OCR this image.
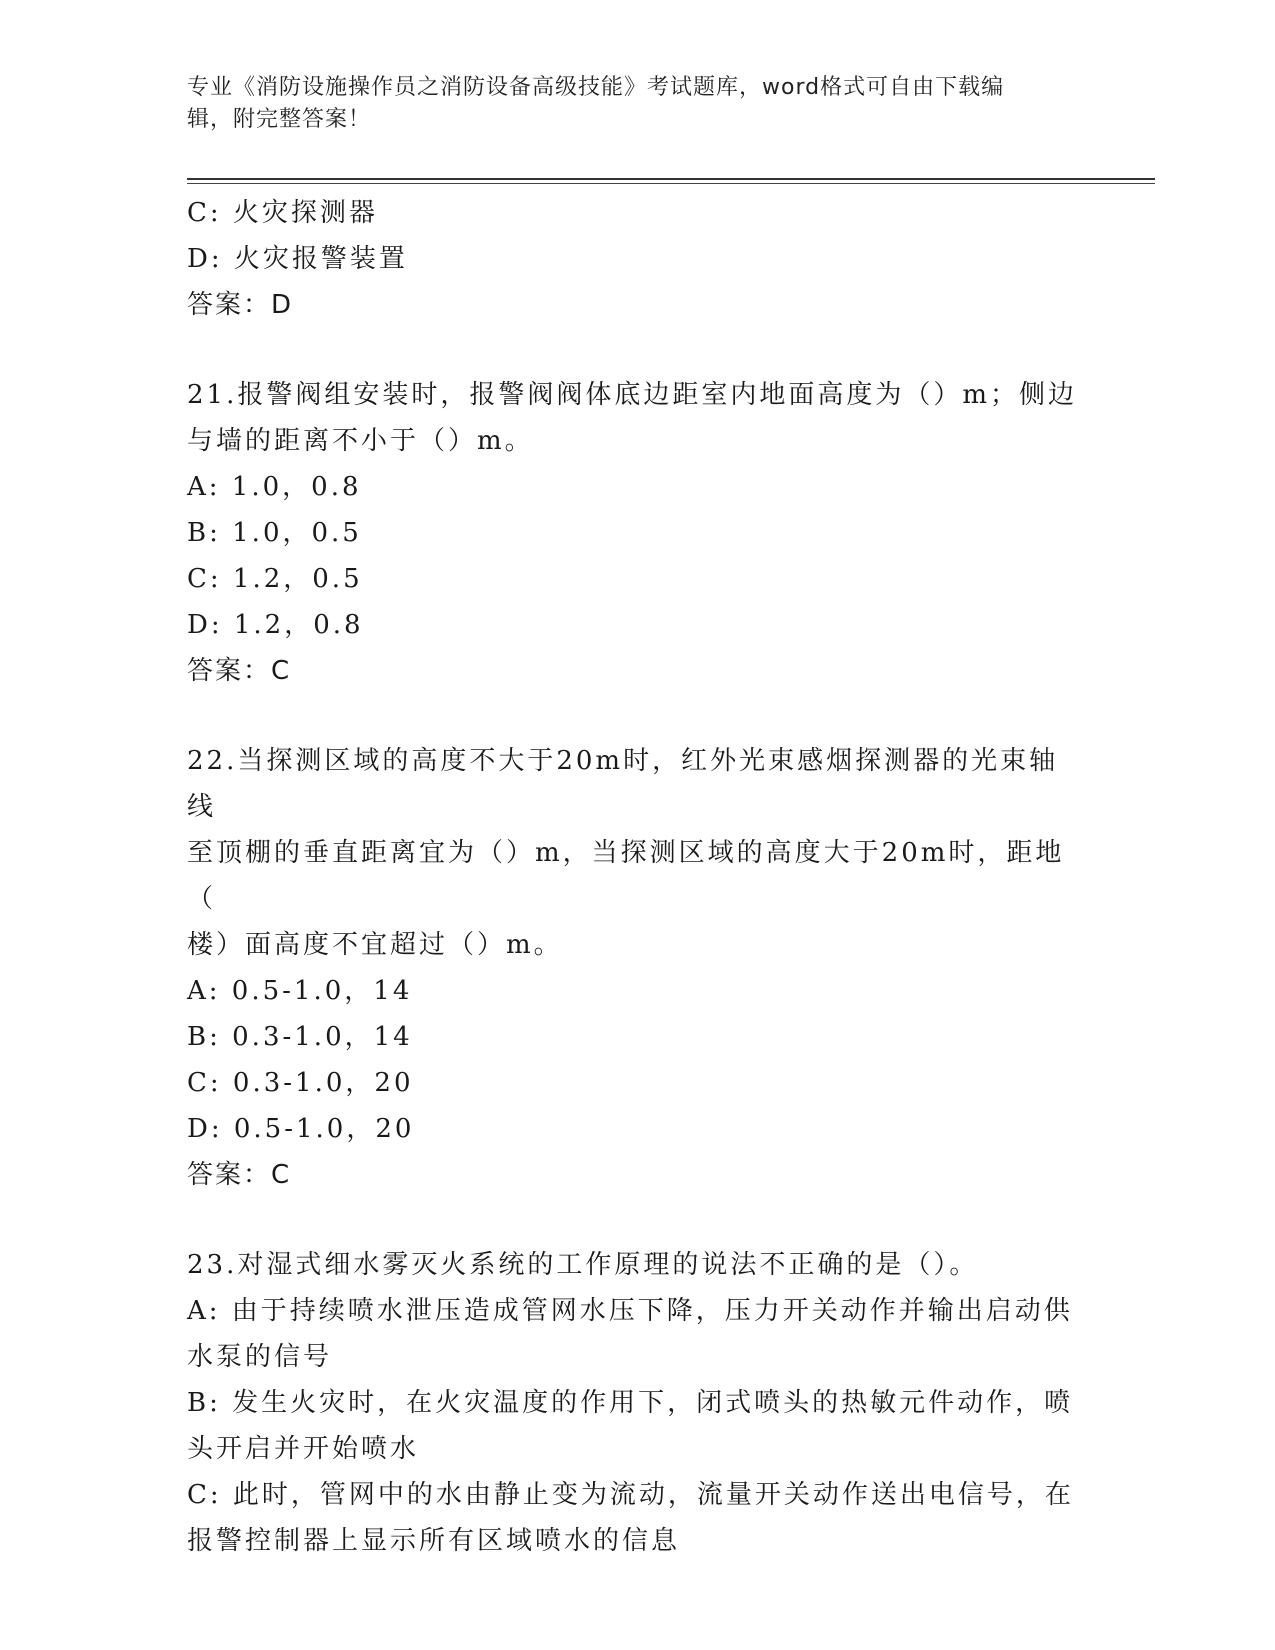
专业《消防设施操作员之消防设备高级技能》考试题库，word格式可自由下载编
辑，附完整答案！
C: 火灾探测器
D: 火灾报警装置
答案：D
21.报警阀组安装时，报警阀阀体底边距室内地面高度为（）m；侧边
与墙的距离不小于（）m。
A: 1.0，0.8
B: 1.0，0.5
C: 1.2，0.5
D: 1.2，0.8
答案：C
22.当探测区域的高度不大于20m时，红外光束感烟探测器的光束轴线
至顶棚的垂直距离宜为（）m，当探测区域的高度大于20m时，距地（
楼）面高度不宜超过（）m。
A: 0.5-1.0，14
B: 0.3-1.0，14
C: 0.3-1.0，20
D: 0.5-1.0，20
答案：C
23.对湿式细水雾灭火系统的工作原理的说法不正确的是（）。
A: 由于持续喷水泄压造成管网水压下降，压力开关动作并输出启动供
水泵的信号
B: 发生火灾时，在火灾温度的作用下，闭式喷头的热敏元件动作，喷
头开启并开始喷水
C: 此时，管网中的水由静止变为流动，流量开关动作送出电信号，在
报警控制器上显示所有区域喷水的信息
